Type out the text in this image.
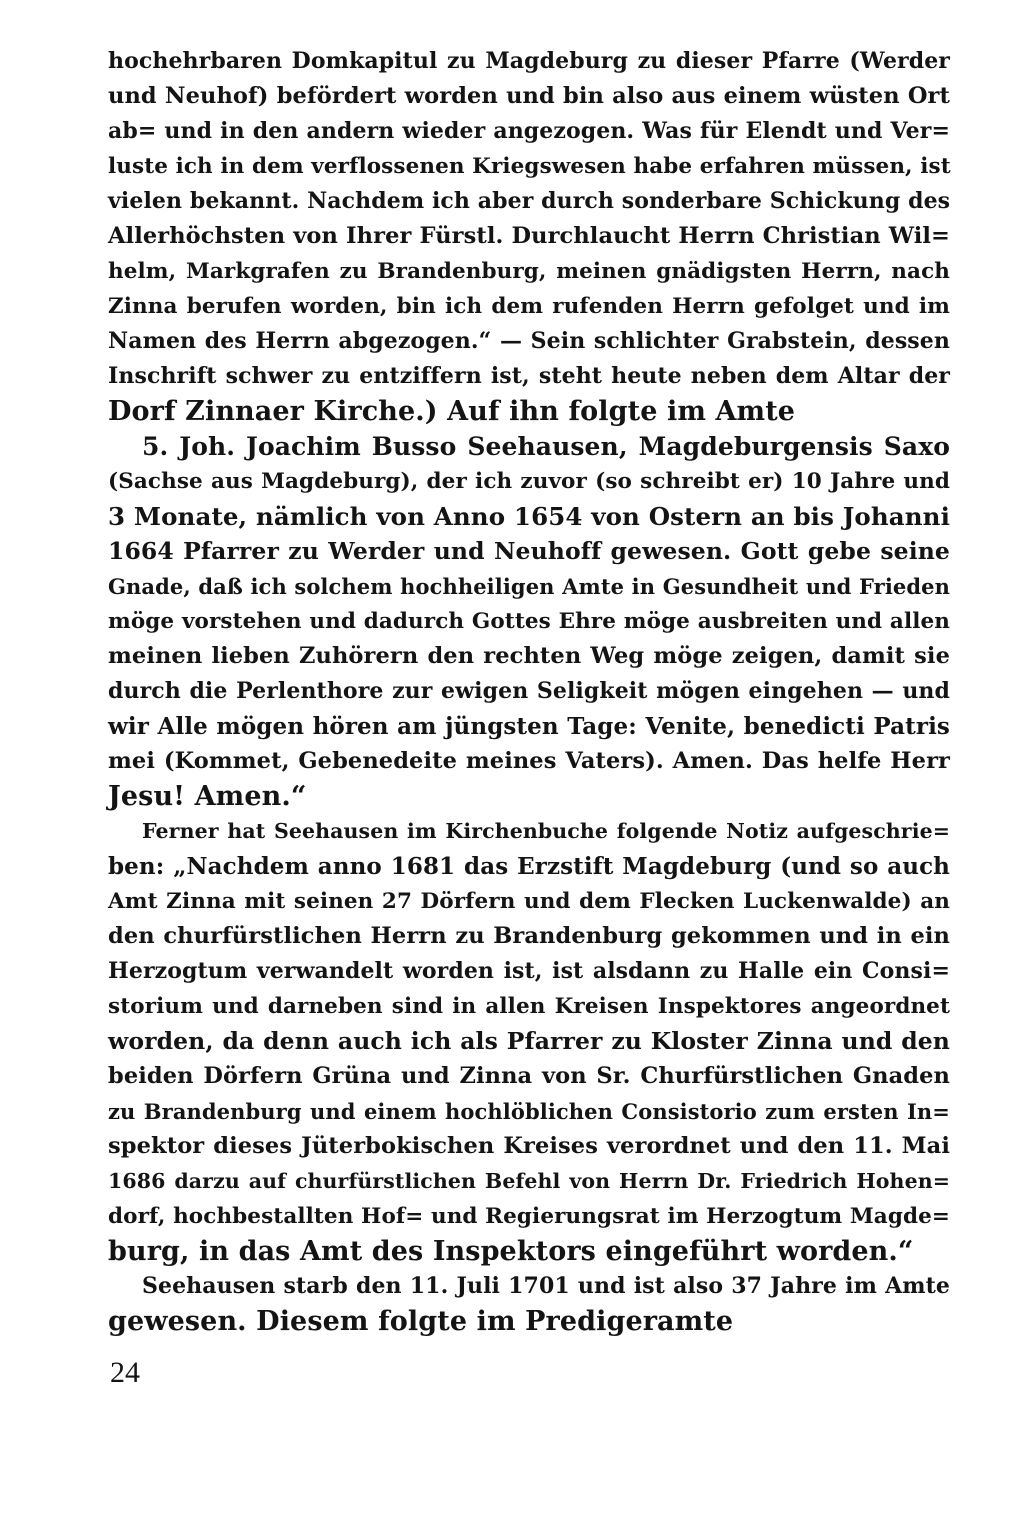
hochehrbaren Domkapitul zu Magdeburg zu dieser Pfarre (Werder
und Neuhof) befördert worden und bin also aus einem wüsten Ort
ab= und in den andern wieder angezogen. Was für Elendt und Ver=
luste ich in dem verflossenen Kriegswesen habe erfahren müssen, ist
vielen bekannt. Nachdem ich aber durch sonderbare Schickung des
Allerhöchsten von Ihrer Fürstl. Durchlaucht Herrn Christian Wil=
helm, Markgrafen zu Brandenburg, meinen gnädigsten Herrn, nach
Zinna berufen worden, bin ich dem rufenden Herrn gefolget und im
Namen des Herrn abgezogen.“ — Sein schlichter Grabstein, dessen
Inschrift schwer zu entziffern ist, steht heute neben dem Altar der
Dorf Zinnaer Kirche.) Auf ihn folgte im Amte
5. Joh. Joachim Busso Seehausen, Magdeburgensis Saxo
(Sachse aus Magdeburg), der ich zuvor (so schreibt er) 10 Jahre und
3 Monate, nämlich von Anno 1654 von Ostern an bis Johanni
1664 Pfarrer zu Werder und Neuhoff gewesen. Gott gebe seine
Gnade, daß ich solchem hochheiligen Amte in Gesundheit und Frieden
möge vorstehen und dadurch Gottes Ehre möge ausbreiten und allen
meinen lieben Zuhörern den rechten Weg möge zeigen, damit sie
durch die Perlenthore zur ewigen Seligkeit mögen eingehen — und
wir Alle mögen hören am jüngsten Tage: Venite, benedicti Patris
mei (Kommet, Gebenedeite meines Vaters). Amen. Das helfe Herr
Jesu! Amen.“
Ferner hat Seehausen im Kirchenbuche folgende Notiz aufgeschrie=
ben: „Nachdem anno 1681 das Erzstift Magdeburg (und so auch
Amt Zinna mit seinen 27 Dörfern und dem Flecken Luckenwalde) an
den churfürstlichen Herrn zu Brandenburg gekommen und in ein
Herzogtum verwandelt worden ist, ist alsdann zu Halle ein Consi=
storium und darneben sind in allen Kreisen Inspektores angeordnet
worden, da denn auch ich als Pfarrer zu Kloster Zinna und den
beiden Dörfern Grüna und Zinna von Sr. Churfürstlichen Gnaden
zu Brandenburg und einem hochlöblichen Consistorio zum ersten In=
spektor dieses Jüterbokischen Kreises verordnet und den 11. Mai
1686 darzu auf churfürstlichen Befehl von Herrn Dr. Friedrich Hohen=
dorf, hochbestallten Hof= und Regierungsrat im Herzogtum Magde=
burg, in das Amt des Inspektors eingeführt worden.“
Seehausen starb den 11. Juli 1701 und ist also 37 Jahre im Amte
gewesen. Diesem folgte im Predigeramte
24
